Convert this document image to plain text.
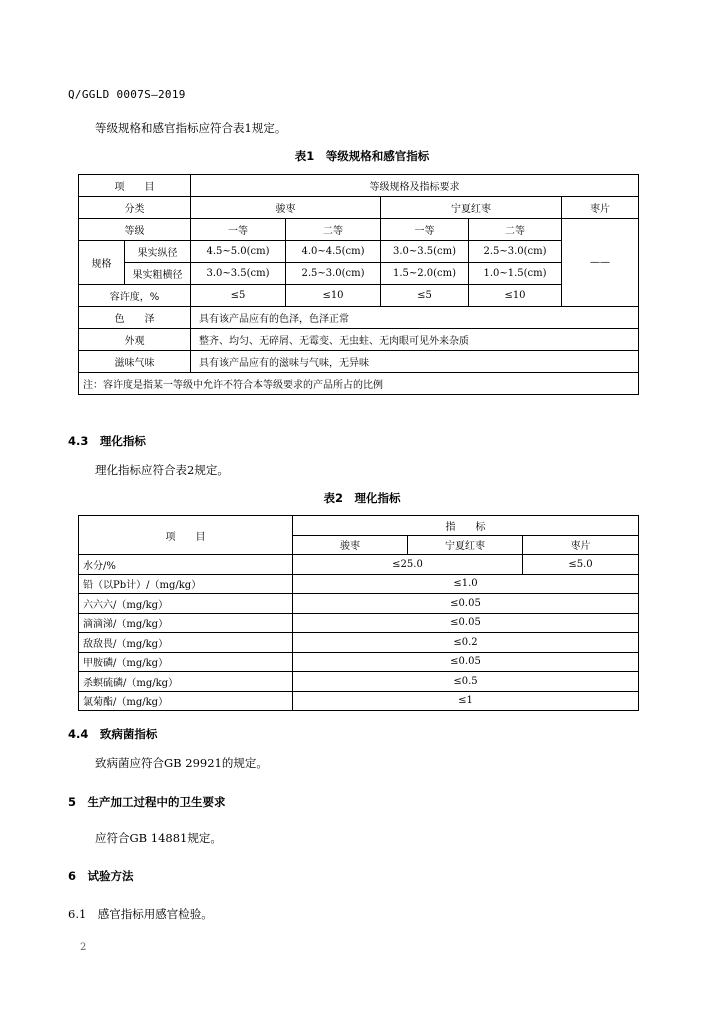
Q/GGLD 0007S—2019
等级规格和感官指标应符合表1规定。
表1　等级规格和感官指标
项　　目		等级规格及指标要求				
分类		骏枣		宁夏红枣		枣片
等级		一等	二等	一等	二等	——
规格	果实纵径	4.5~5.0(cm)	4.0~4.5(cm)	3.0~3.5(cm)	2.5~3.0(cm)	
	果实粗横径	3.0~3.5(cm)	2.5~3.0(cm)	1.5~2.0(cm)	1.0~1.5(cm)	
容许度，%		≤5	≤10	≤5	≤10	
色　　泽		具有该产品应有的色泽，色泽正常				
外观		整齐、均匀、无碎屑、无霉变、无虫蛀、无肉眼可见外来杂质				
滋味气味		具有该产品应有的滋味与气味，无异味				
注：容许度是指某一等级中允许不符合本等级要求的产品所占的比例						
4.3　理化指标
理化指标应符合表2规定。
表2　理化指标
项　　目	指　　标		
	骏枣	宁夏红枣	枣片
水分/%	≤25.0		≤5.0
铅（以Pb计）/（mg/kg）	≤1.0		
六六六/（mg/kg）	≤0.05		
滴滴涕/（mg/kg）	≤0.05		
敌敌畏/（mg/kg）	≤0.2		
甲胺磷/（mg/kg）	≤0.05		
杀螟硫磷/（mg/kg）	≤0.5		
氯菊酯/（mg/kg）	≤1		
4.4　致病菌指标
致病菌应符合GB 29921的规定。
5　生产加工过程中的卫生要求
应符合GB 14881规定。
6　试验方法
6.1　感官指标用感官检验。
2
